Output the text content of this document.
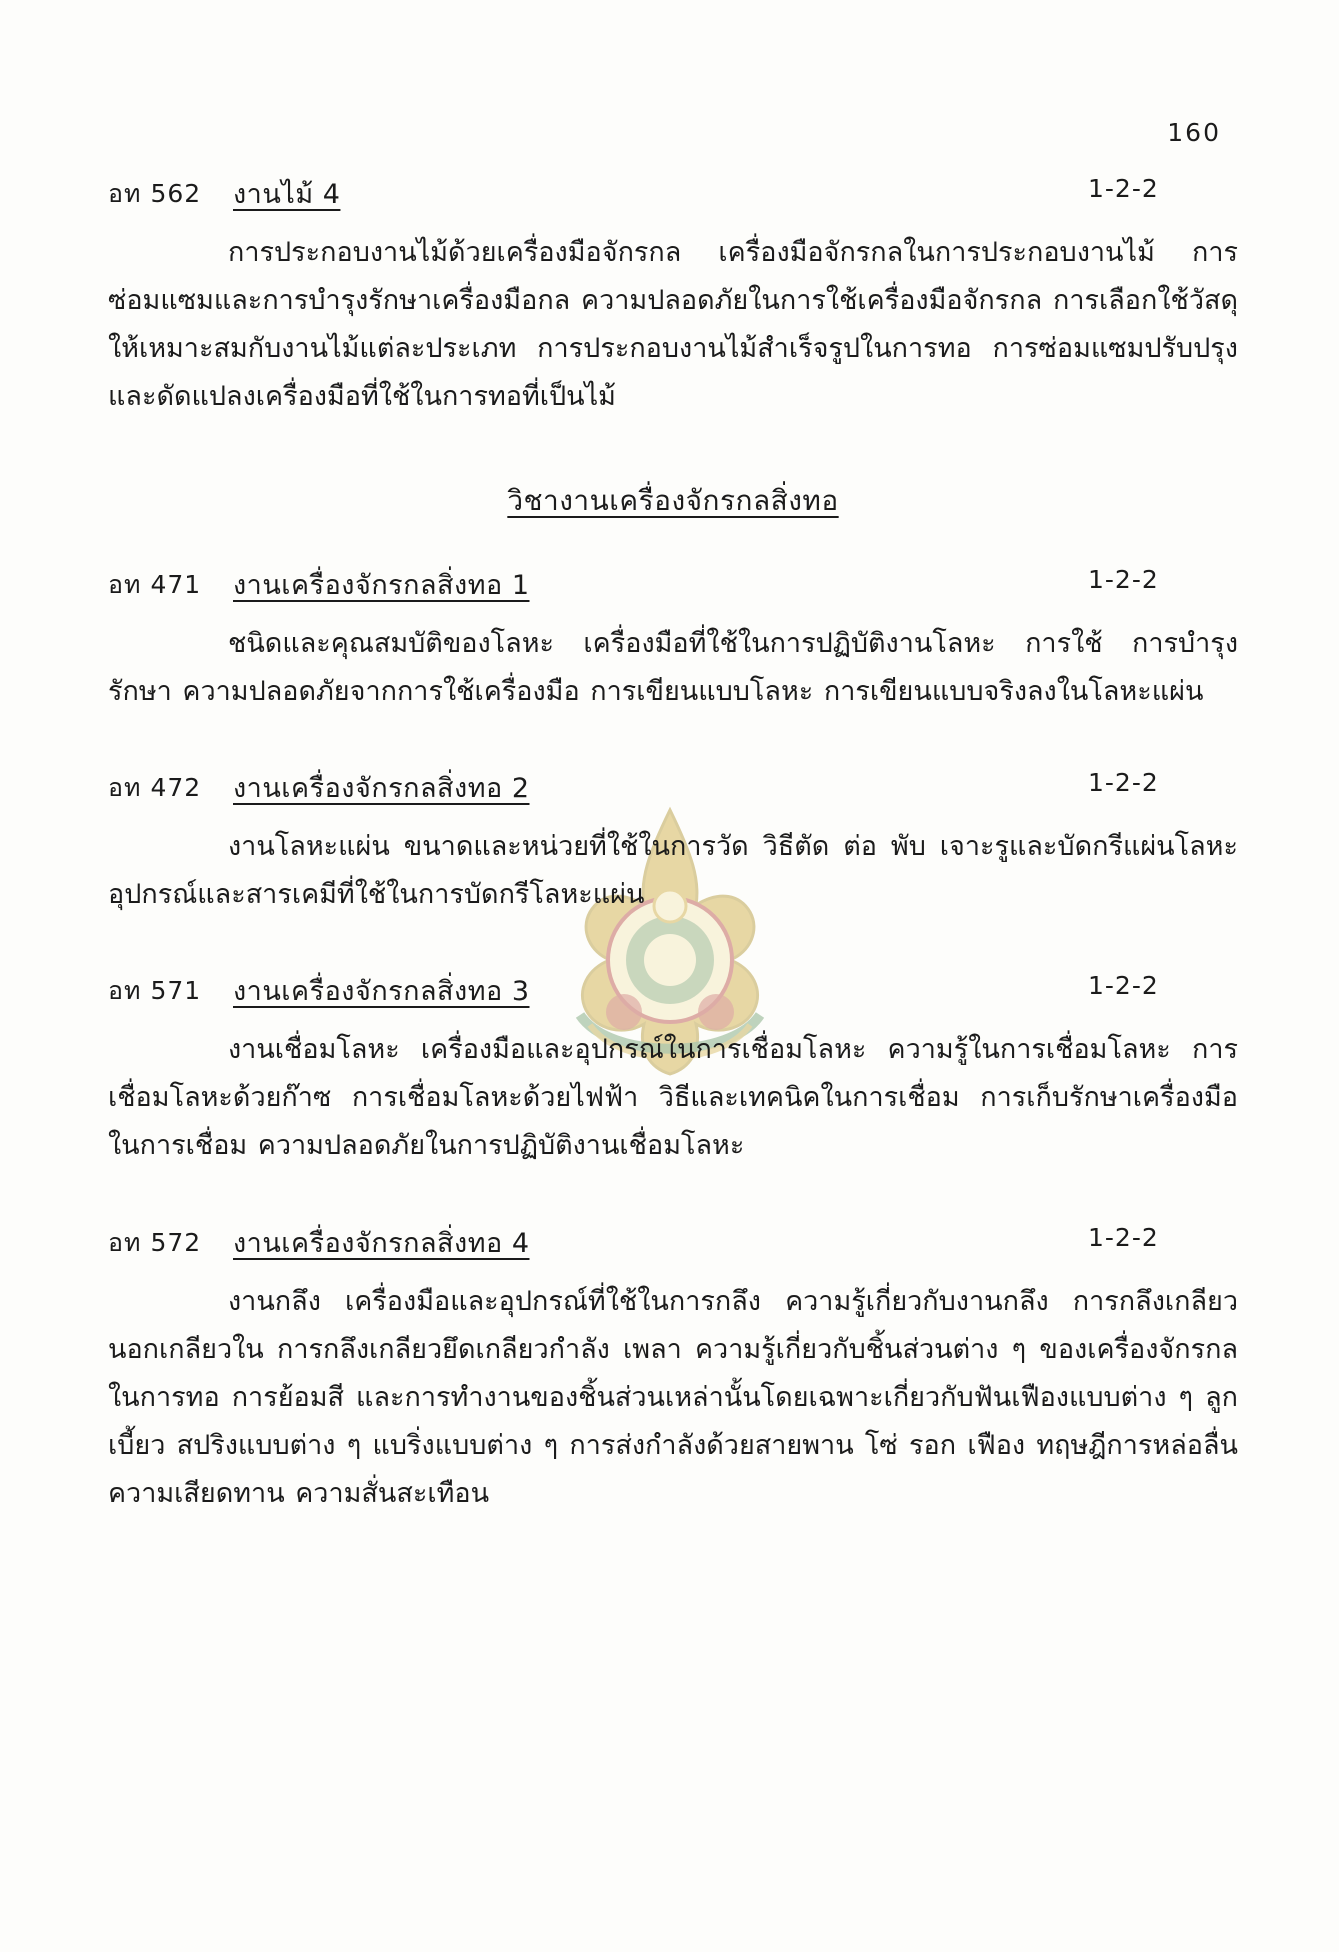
160
อท 562	งานไม้ 4	1-2-2
การประกอบงานไม้ด้วยเครื่องมือจักรกล เครื่องมือจักรกลในการประกอบงานไม้ การซ่อมแซมและการบำรุงรักษาเครื่องมือกล ความปลอดภัยในการใช้เครื่องมือจักรกล การเลือกใช้วัสดุให้เหมาะสมกับงานไม้แต่ละประเภท การประกอบงานไม้สำเร็จรูปในการทอ การซ่อมแซมปรับปรุงและดัดแปลงเครื่องมือที่ใช้ในการทอที่เป็นไม้
วิชางานเครื่องจักรกลสิ่งทอ
อท 471	งานเครื่องจักรกลสิ่งทอ 1	1-2-2
ชนิดและคุณสมบัติของโลหะ เครื่องมือที่ใช้ในการปฏิบัติงานโลหะ การใช้ การบำรุงรักษา ความปลอดภัยจากการใช้เครื่องมือ การเขียนแบบโลหะ การเขียนแบบจริงลงในโลหะแผ่น
อท 472	งานเครื่องจักรกลสิ่งทอ 2	1-2-2
งานโลหะแผ่น ขนาดและหน่วยที่ใช้ในการวัด วิธีตัด ต่อ พับ เจาะรูและบัดกรีแผ่นโลหะ อุปกรณ์และสารเคมีที่ใช้ในการบัดกรีโลหะแผ่น
อท 571	งานเครื่องจักรกลสิ่งทอ 3	1-2-2
งานเชื่อมโลหะ เครื่องมือและอุปกรณ์ในการเชื่อมโลหะ ความรู้ในการเชื่อมโลหะ การเชื่อมโลหะด้วยก๊าซ การเชื่อมโลหะด้วยไฟฟ้า วิธีและเทคนิคในการเชื่อม การเก็บรักษาเครื่องมือในการเชื่อม ความปลอดภัยในการปฏิบัติงานเชื่อมโลหะ
อท 572	งานเครื่องจักรกลสิ่งทอ 4	1-2-2
งานกลึง เครื่องมือและอุปกรณ์ที่ใช้ในการกลึง ความรู้เกี่ยวกับงานกลึง การกลึงเกลียวนอกเกลียวใน การกลึงเกลียวยึดเกลียวกำลัง เพลา ความรู้เกี่ยวกับชิ้นส่วนต่าง ๆ ของเครื่องจักรกลในการทอ การย้อมสี และการทำงานของชิ้นส่วนเหล่านั้นโดยเฉพาะเกี่ยวกับฟันเฟืองแบบต่าง ๆ ลูกเบี้ยว สปริงแบบต่าง ๆ แบริ่งแบบต่าง ๆ การส่งกำลังด้วยสายพาน โซ่ รอก เฟือง ทฤษฎีการหล่อลื่น ความเสียดทาน ความสั่นสะเทือน
